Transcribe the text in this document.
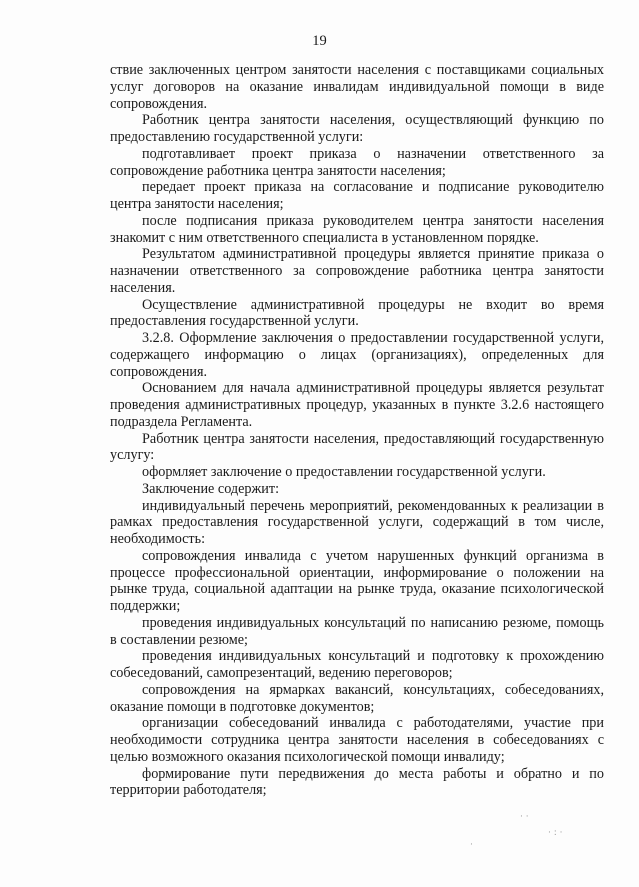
19

ствие заключенных центром занятости населения с поставщиками социальных услуг договоров на оказание инвалидам индивидуальной помощи в виде сопровождения.

Работник центра занятости населения, осуществляющий функцию по предоставлению государственной услуги:

подготавливает проект приказа о назначении ответственного за сопровождение работника центра занятости населения;

передает проект приказа на согласование и подписание руководителю центра занятости населения;

после подписания приказа руководителем центра занятости населения знакомит с ним ответственного специалиста в установленном порядке.

Результатом административной процедуры является принятие приказа о назначении ответственного за сопровождение работника центра занятости населения.

Осуществление административной процедуры не входит во время предоставления государственной услуги.

3.2.8. Оформление заключения о предоставлении государственной услуги, содержащего информацию о лицах (организациях), определенных для сопровождения.

Основанием для начала административной процедуры является результат проведения административных процедур, указанных в пункте 3.2.6 настоящего подраздела Регламента.

Работник центра занятости населения, предоставляющий государственную услугу:

оформляет заключение о предоставлении государственной услуги.

Заключение содержит:

индивидуальный перечень мероприятий, рекомендованных к реализации в рамках предоставления государственной услуги, содержащий в том числе, необходимость:

сопровождения инвалида с учетом нарушенных функций организма в процессе профессиональной ориентации, информирование о положении на рынке труда, социальной адаптации на рынке труда, оказание психологической поддержки;

проведения индивидуальных консультаций по написанию резюме, помощь в составлении резюме;

проведения индивидуальных консультаций и подготовку к прохождению собеседований, самопрезентаций, ведению переговоров;

сопровождения на ярмарках вакансий, консультациях, собеседованиях, оказание помощи в подготовке документов;

организации собеседований инвалида с работодателями, участие при необходимости сотрудника центра занятости населения в собеседованиях с целью возможного оказания психологической помощи инвалиду;

формирование пути передвижения до места работы и обратно и по территории работодателя;

· ·
· : ·
·
